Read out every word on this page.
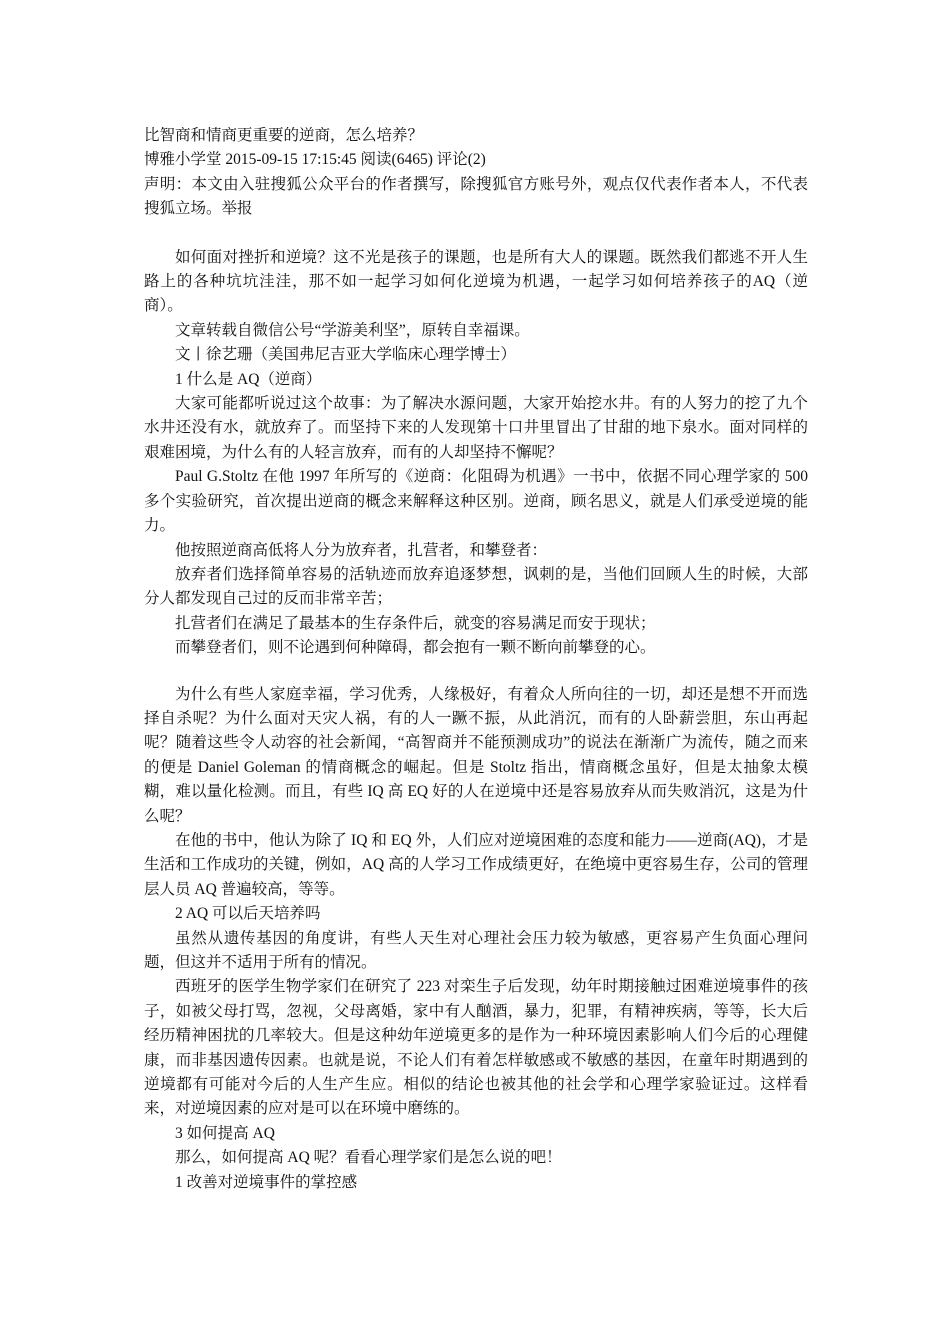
比智商和情商更重要的逆商，怎么培养？

博雅小学堂 2015-09-15 17:15:45 阅读(6465) 评论(2)

声明：本文由入驻搜狐公众平台的作者撰写，除搜狐官方账号外，观点仅代表作者本人，不代表搜狐立场。举报

如何面对挫折和逆境？这不光是孩子的课题，也是所有大人的课题。既然我们都逃不开人生路上的各种坑坑洼洼，那不如一起学习如何化逆境为机遇，一起学习如何培养孩子的AQ（逆商）。

文章转载自微信公号“学游美利坚”，原转自幸福课。

文丨徐艺珊（美国弗尼吉亚大学临床心理学博士）

1 什么是 AQ（逆商）

大家可能都听说过这个故事：为了解决水源问题，大家开始挖水井。有的人努力的挖了九个水井还没有水，就放弃了。而坚持下来的人发现第十口井里冒出了甘甜的地下泉水。面对同样的艰难困境，为什么有的人轻言放弃，而有的人却坚持不懈呢？

Paul G.Stoltz 在他 1997 年所写的《逆商：化阻碍为机遇》一书中，依据不同心理学家的 500 多个实验研究，首次提出逆商的概念来解释这种区别。逆商，顾名思义，就是人们承受逆境的能力。

他按照逆商高低将人分为放弃者，扎营者，和攀登者：

放弃者们选择简单容易的活轨迹而放弃追逐梦想，讽刺的是，当他们回顾人生的时候，大部分人都发现自己过的反而非常辛苦；

扎营者们在满足了最基本的生存条件后，就变的容易满足而安于现状；

而攀登者们，则不论遇到何种障碍，都会抱有一颗不断向前攀登的心。

为什么有些人家庭幸福，学习优秀，人缘极好，有着众人所向往的一切，却还是想不开而选择自杀呢？为什么面对天灾人祸，有的人一蹶不振，从此消沉，而有的人卧薪尝胆，东山再起呢？随着这些令人动容的社会新闻，“高智商并不能预测成功”的说法在渐渐广为流传，随之而来的便是 Daniel Goleman 的情商概念的崛起。但是 Stoltz 指出，情商概念虽好，但是太抽象太模糊，难以量化检测。而且，有些 IQ 高 EQ 好的人在逆境中还是容易放弃从而失败消沉，这是为什么呢？

在他的书中，他认为除了 IQ 和 EQ 外，人们应对逆境困难的态度和能力——逆商(AQ)，才是生活和工作成功的关键，例如，AQ 高的人学习工作成绩更好，在绝境中更容易生存，公司的管理层人员 AQ 普遍较高，等等。

2 AQ 可以后天培养吗

虽然从遗传基因的角度讲，有些人天生对心理社会压力较为敏感，更容易产生负面心理问题，但这并不适用于所有的情况。

西班牙的医学生物学家们在研究了 223 对栾生子后发现，幼年时期接触过困难逆境事件的孩子，如被父母打骂，忽视，父母离婚，家中有人酗酒，暴力，犯罪，有精神疾病，等等，长大后经历精神困扰的几率较大。但是这种幼年逆境更多的是作为一种环境因素影响人们今后的心理健康，而非基因遗传因素。也就是说，不论人们有着怎样敏感或不敏感的基因，在童年时期遇到的逆境都有可能对今后的人生产生应。相似的结论也被其他的社会学和心理学家验证过。这样看来，对逆境因素的应对是可以在环境中磨练的。

3 如何提高 AQ

那么，如何提高 AQ 呢？看看心理学家们是怎么说的吧！

1 改善对逆境事件的掌控感
